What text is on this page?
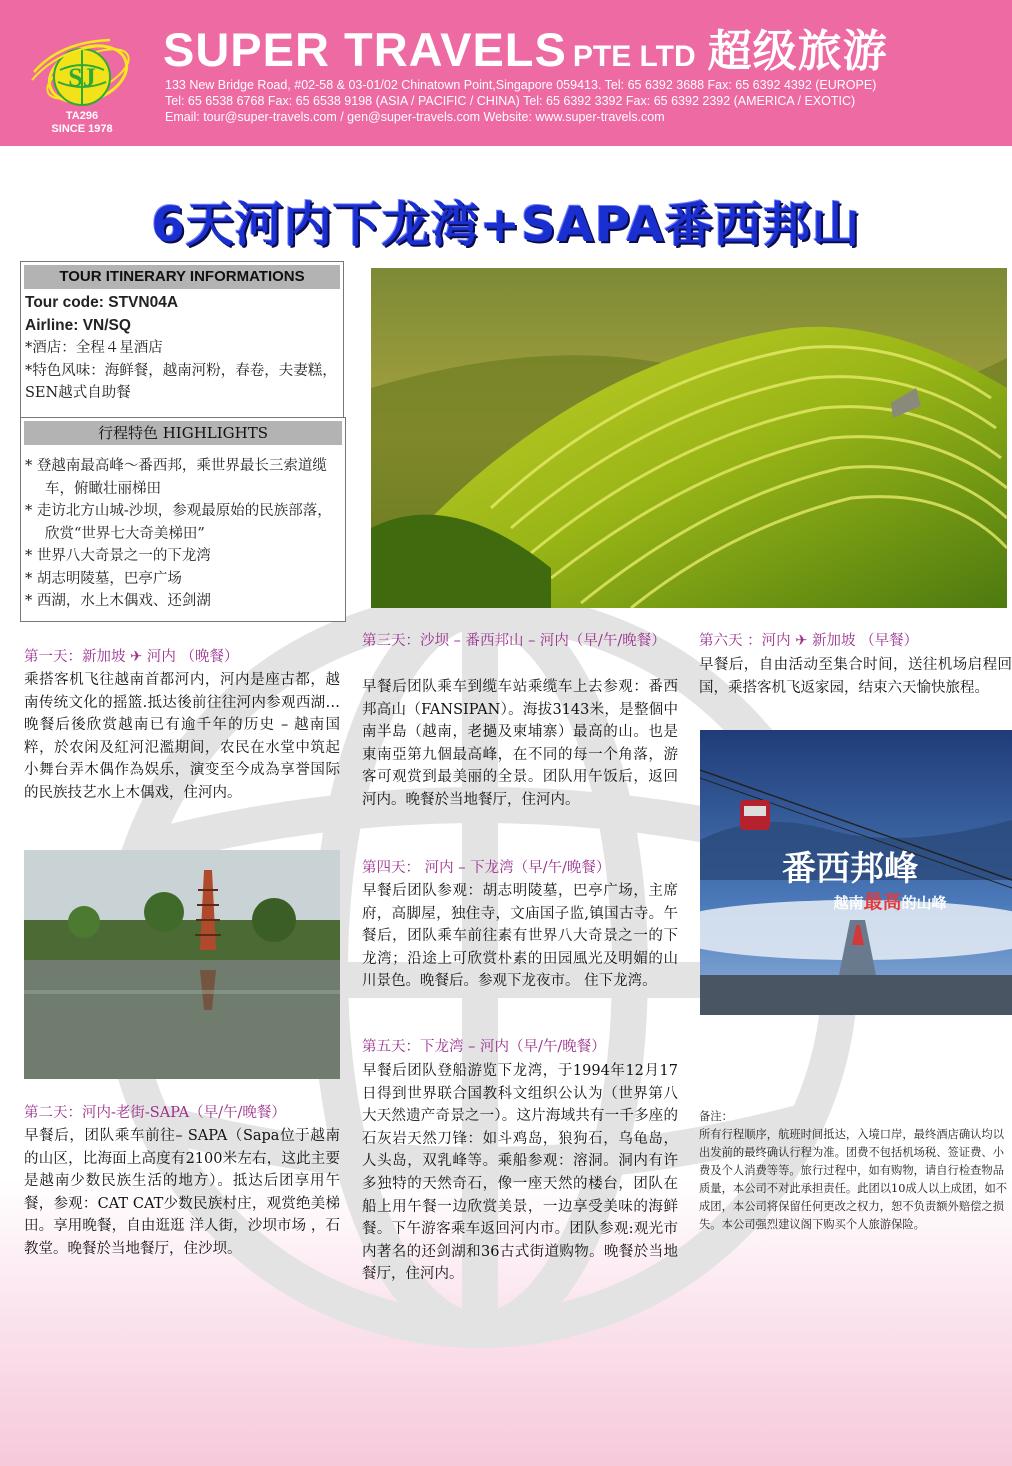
SJ
TA296
SINCE 1978
SUPER TRAVELS PTE LTD 超级旅游
133 New Bridge Road, #02-58 & 03-01/02 Chinatown Point,Singapore 059413. Tel: 65 6392 3688 Fax: 65 6392 4392 (EUROPE)
Tel: 65 6538 6768 Fax: 65 6538 9198 (ASIA / PACIFIC / CHINA) Tel: 65 6392 3392 Fax: 65 6392 2392 (AMERICA / EXOTIC)
Email: tour@super-travels.com / gen@super-travels.com Website: www.super-travels.com
6天河内下龙湾+SAPA番西邦山
TOUR ITINERARY INFORMATIONS
Tour code: STVN04A
Airline: VN/SQ
*酒店：全程４星酒店
*特色风味：海鲜餐，越南河粉，春卷，夫妻糕，SEN越式自助餐
行程特色 HIGHLIGHTS
* 登越南最高峰～番西邦，乘世界最长三索道缆车，俯瞰壮丽梯田
* 走访北方山城-沙坝，参观最原始的民族部落，欣赏“世界七大奇美梯田”
* 世界八大奇景之一的下龙湾
* 胡志明陵墓，巴亭广场
* 西湖，水上木偶戏、还剑湖
第一天：新加坡 ✈ 河内 （晚餐）
乘搭客机飞往越南首都河内，河内是座古都，越南传统文化的摇篮.抵达後前往往河内参观西湖…晚餐后後欣赏越南已有逾千年的历史 – 越南国粹，於农闲及紅河氾濫期间，农民在水堂中筑起小舞台弄木偶作為娱乐，演变至今成為享誉国际的民族技艺水上木偶戏，住河内。
第二天：河内-老街-SAPA（早/午/晚餐）
早餐后，团队乘车前往– SAPA（Sapa位于越南的山区，比海面上高度有2100米左右，这此主要是越南少数民族生活的地方）。抵达后团享用午餐，参观：CAT CAT少数民族村庄，观赏绝美梯田。享用晚餐，自由逛逛 洋人街，沙坝市场 ，石教堂。晚餐於当地餐厅，住沙坝。
第三天：沙坝 – 番西邦山 – 河内（早/午/晚餐）
早餐后团队乘车到缆车站乘缆车上去参观：番西邦高山（FANSIPAN）。海拔3143米，是整個中南半島（越南，老撾及柬埔寨）最高的山。也是東南亞第九個最高峰，在不同的每一个角落，游客可观赏到最美丽的全景。团队用午饭后，返回河内。晚餐於当地餐厅，住河内。
第四天： 河内 – 下龙湾（早/午/晚餐）
早餐后团队参观：胡志明陵墓，巴亭广场，主席府，高脚屋，独住寺，文庙国子监,镇国古寺。午餐后，团队乘车前往素有世界八大奇景之一的下龙湾；沿途上可欣赏朴素的田园風光及明媚的山川景色。晚餐后。参观下龙夜市。 住下龙湾。
第五天：下龙湾 – 河内（早/午/晚餐）
早餐后团队登船游览下龙湾，于1994年12月17日得到世界联合国教科文组织公认为（世界第八大天然遗产奇景之一）。这片海域共有一千多座的石灰岩天然刀锋：如斗鸡岛，狼狗石，乌龟岛，人头岛，双乳峰等。乘船参观：溶洞。洞内有许多独特的天然奇石，像一座天然的楼台，团队在船上用午餐一边欣赏美景，一边享受美味的海鲜餐。下午游客乘车返回河内市。团队参观:观光市内著名的还剑湖和36古式街道购物。晚餐於当地餐厅，住河内。
第六天 ：河内 ✈ 新加坡 （早餐）
早餐后，自由活动至集合时间，送往机场启程回国，乘搭客机飞返家园，结束六天愉快旅程。
番西邦峰
越南最高的山峰
备注：
所有行程顺序，航班时间抵达，入境口岸，最终酒店确认均以出发前的最终确认行程为准。团费不包括机场税、签证费、小费及个人消费等等。旅行过程中，如有购物，请自行检查物品质量，本公司不对此承担责任。此团以10成人以上成团，如不成团，本公司将保留任何更改之权力，恕不负责额外赔偿之损失。本公司强烈建议阁下购买个人旅游保险。
